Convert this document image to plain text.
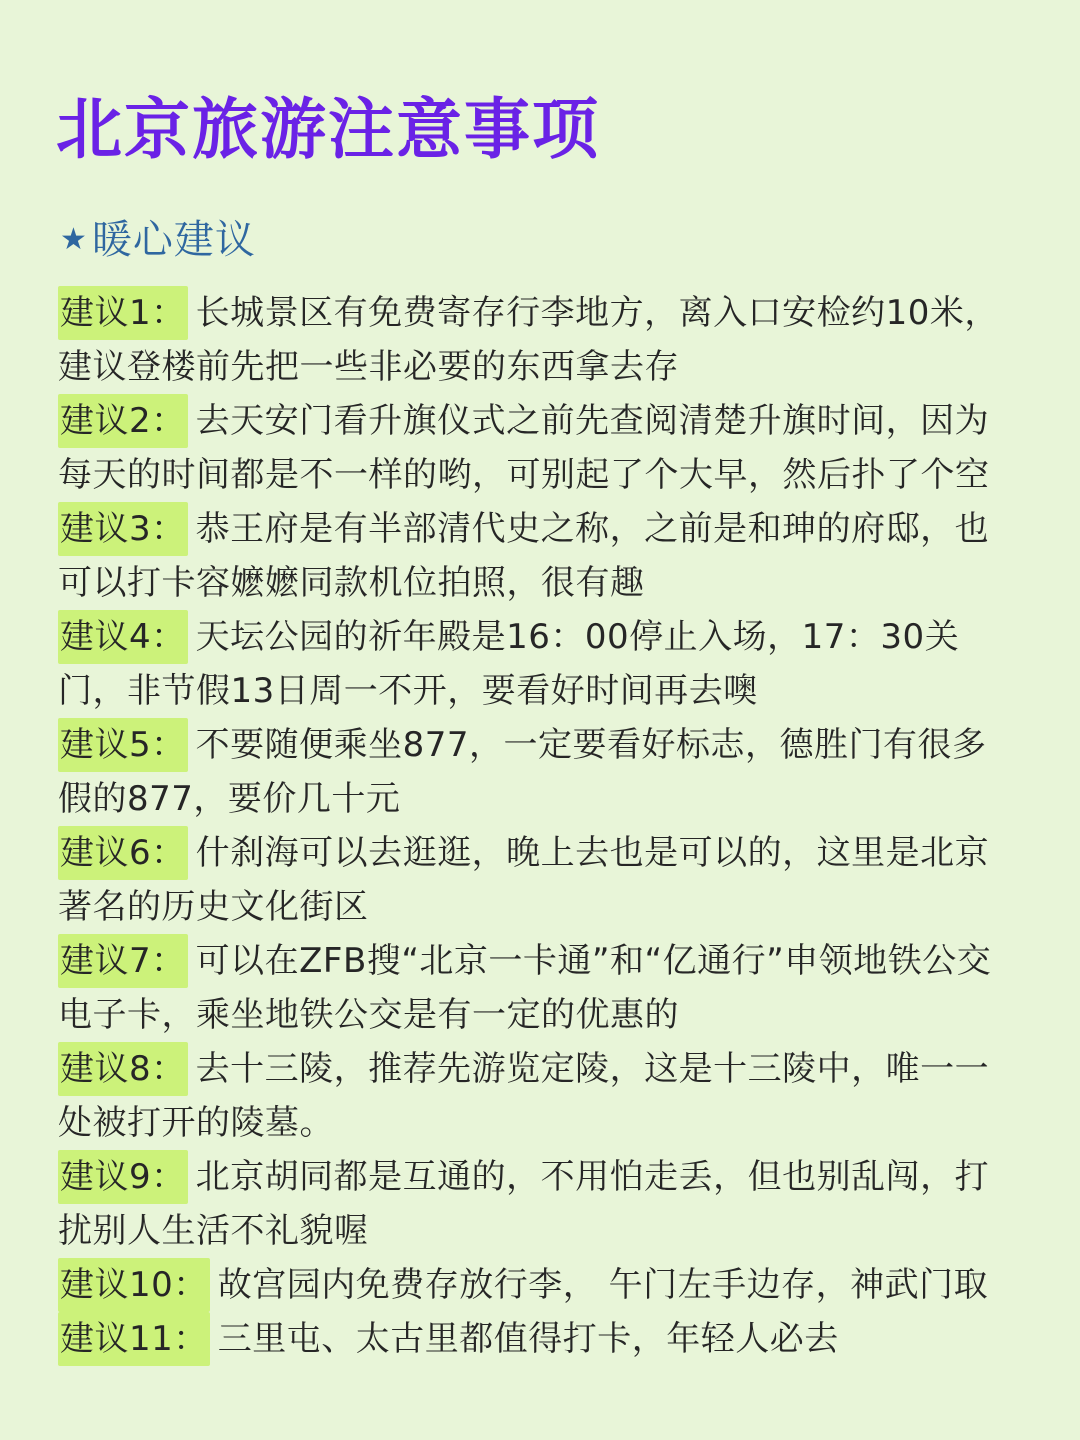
北京旅游注意事项
★ 暖心建议
建议1： 长城景区有免费寄存行李地方，离入口安检约10米，建议登楼前先把一些非必要的东西拿去存
建议2： 去天安门看升旗仪式之前先查阅清楚升旗时间，因为每天的时间都是不一样的哟，可别起了个大早，然后扑了个空
建议3： 恭王府是有半部清代史之称，之前是和珅的府邸，也可以打卡容嬷嬷同款机位拍照，很有趣
建议4： 天坛公园的祈年殿是16：00停止入场，17：30关门，非节假13日周一不开，要看好时间再去噢
建议5： 不要随便乘坐877，一定要看好标志，德胜门有很多假的877，要价几十元
建议6： 什刹海可以去逛逛，晚上去也是可以的，这里是北京著名的历史文化街区
建议7： 可以在ZFB搜“北京一卡通”和“亿通行”申领地铁公交电子卡，乘坐地铁公交是有一定的优惠的
建议8： 去十三陵，推荐先游览定陵，这是十三陵中，唯一一处被打开的陵墓。
建议9： 北京胡同都是互通的，不用怕走丢，但也别乱闯，打扰别人生活不礼貌喔
建议10： 故宫园内免费存放行李， 午门左手边存，神武门取
建议11： 三里屯、太古里都值得打卡，年轻人必去
